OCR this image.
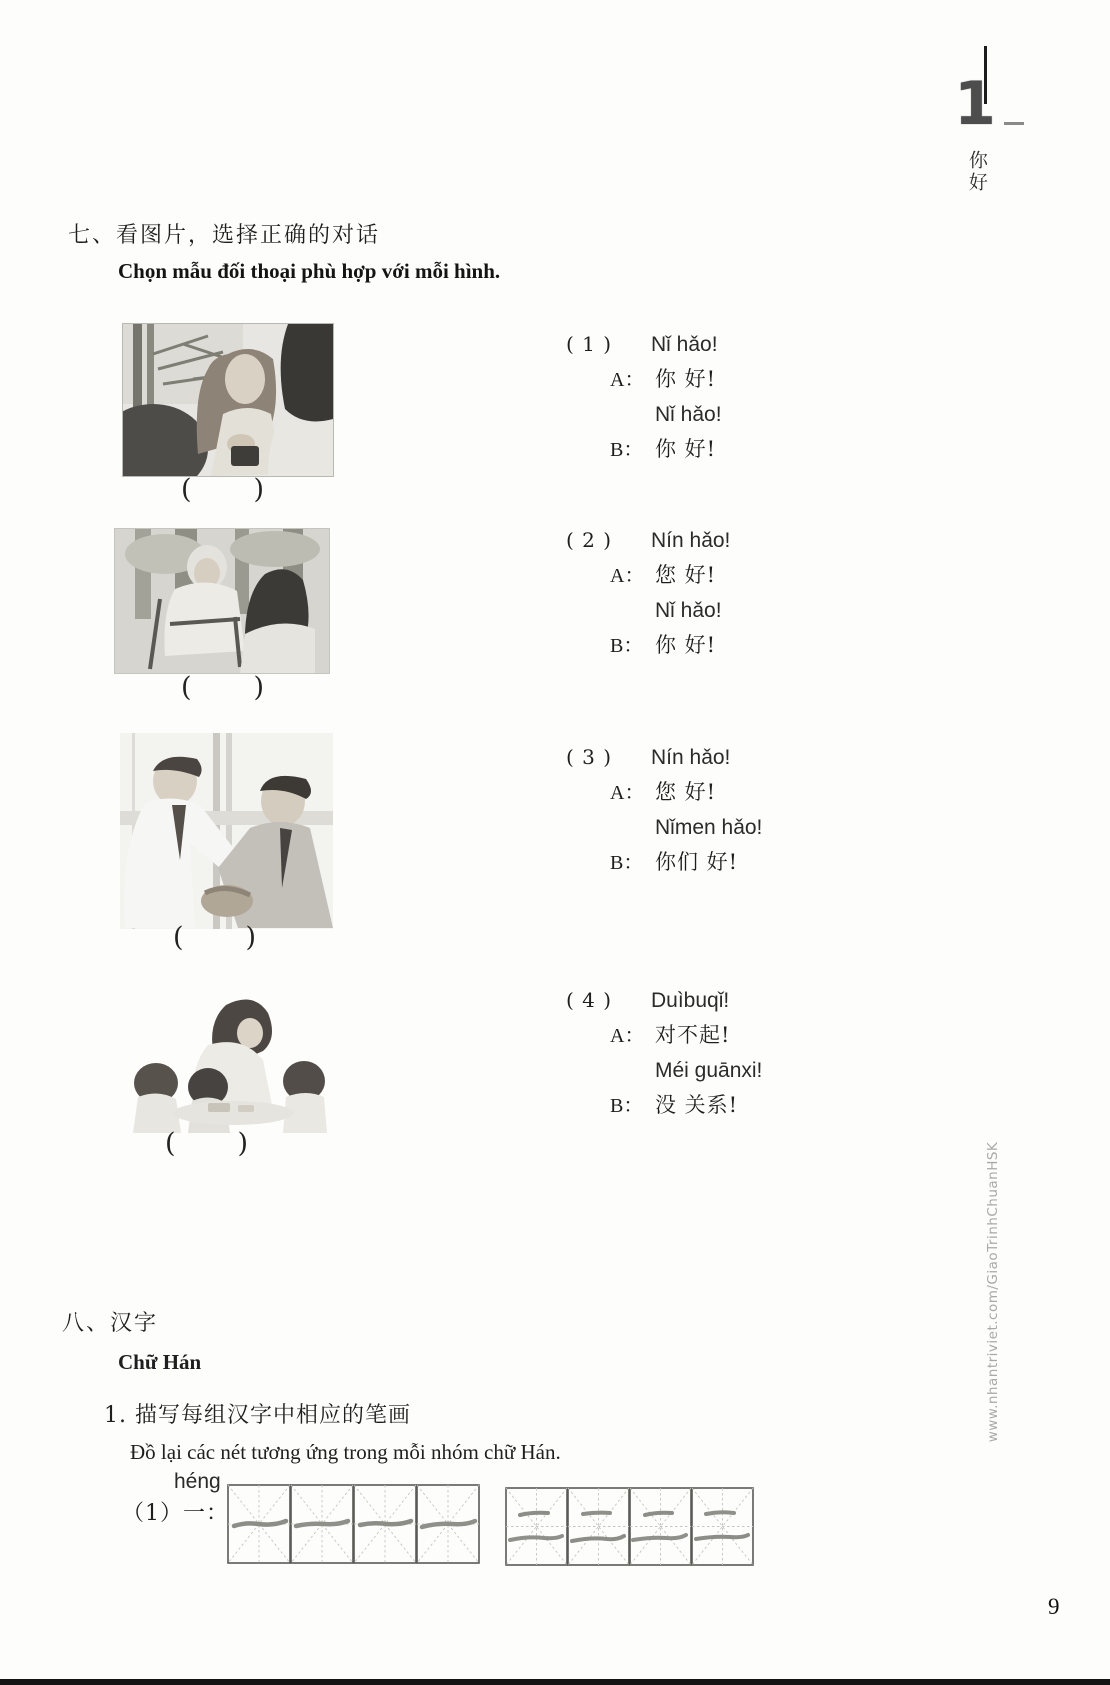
1
你好
七、看图片，选择正确的对话
Chọn mẫu đối thoại phù hợp với mỗi hình.
( )
( )
( )
( )
( 1 )	Nǐ hǎo!
A： 你 好!
Nǐ hǎo!
B： 你 好!
( 2 )	Nín hǎo!
A： 您 好!
Nǐ hǎo!
B： 你 好!
( 3 )	Nín hǎo!
A： 您 好!
Nǐmen hǎo!
B： 你们 好!
( 4 )	Duìbuqǐ!
A： 对不起!
Méi guānxi!
B： 没 关系!
八、汉字
Chữ Hán
1. 描写每组汉字中相应的笔画
Đồ lại các nét tương ứng trong mỗi nhóm chữ Hán.
héng
（1）一：
www.nhantriviet.com/GiaoTrinhChuanHSK
9
